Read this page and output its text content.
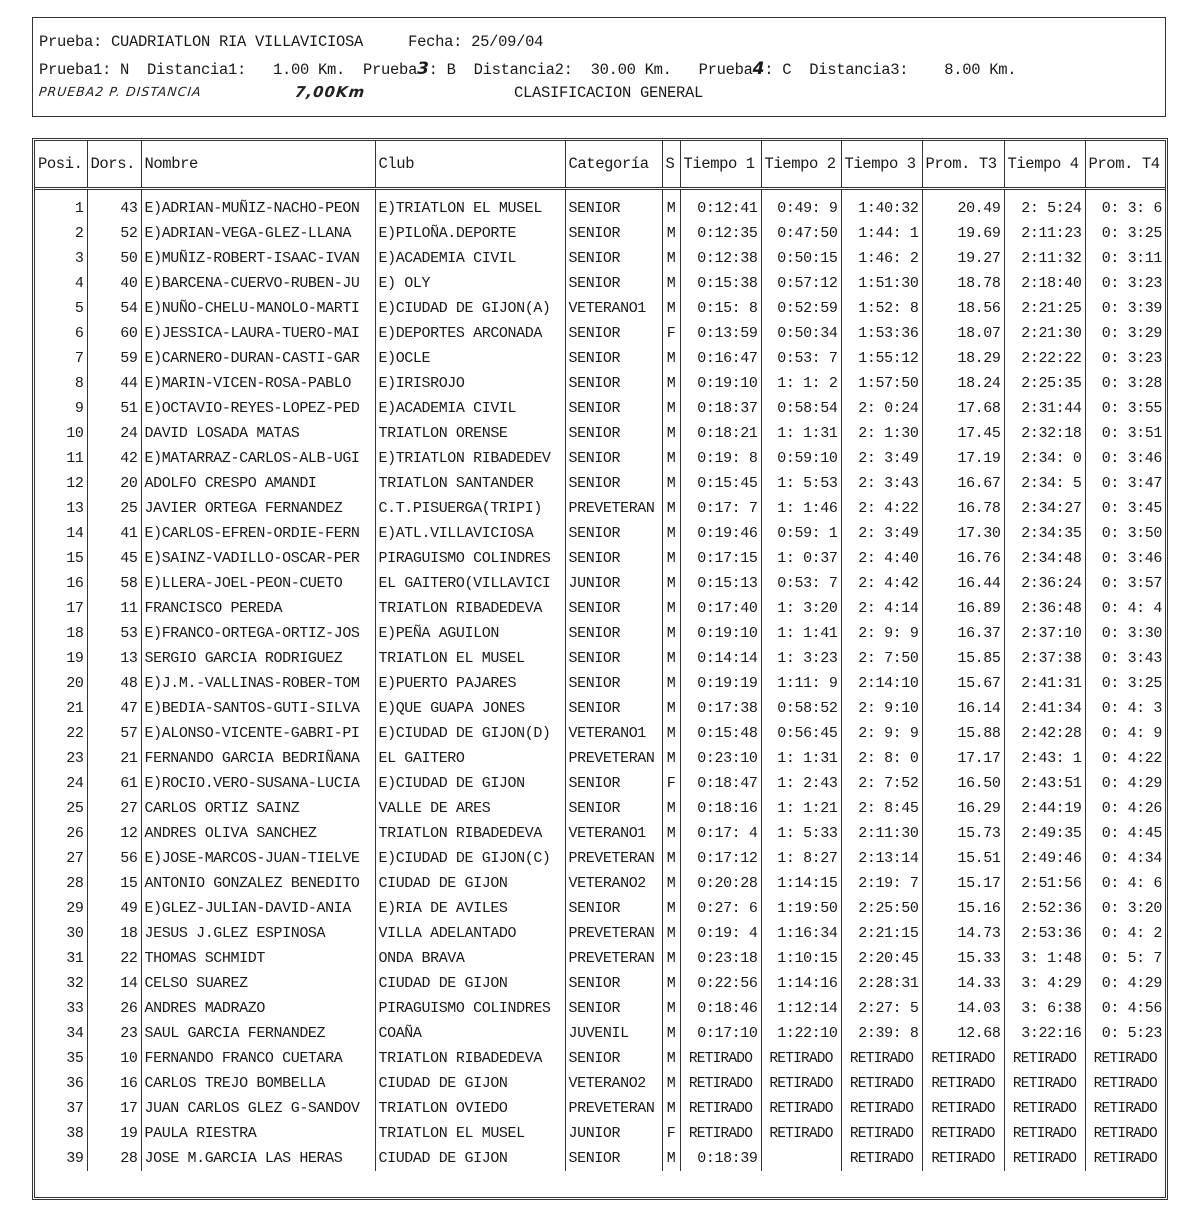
Prueba: CUADRIATLON RIA VILLAVICIOSA     Fecha: 25/09/04
Prueba1: N  Distancia1:   1.00 Km.  Prueba3: B  Distancia2:  30.00 Km.   Prueba4: C  Distancia3:    8.00 Km.
PRUEBA2 P. DISTANCIA	7,00Km	CLASIFICACION GENERAL
Posi.	Dors.	Nombre	Club	Categoría	S	Tiempo 1	Tiempo 2	Tiempo 3	Prom. T3	Tiempo 4	Prom. T4

1	43	E)ADRIAN-MUÑIZ-NACHO-PEON	E)TRIATLON EL MUSEL	SENIOR	M	0:12:41	0:49: 9	1:40:32	20.49	2: 5:24	0: 3: 6
2	52	E)ADRIAN-VEGA-GLEZ-LLANA	E)PILOÑA.DEPORTE	SENIOR	M	0:12:35	0:47:50	1:44: 1	19.69	2:11:23	0: 3:25
3	50	E)MUÑIZ-ROBERT-ISAAC-IVAN	E)ACADEMIA CIVIL	SENIOR	M	0:12:38	0:50:15	1:46: 2	19.27	2:11:32	0: 3:11
4	40	E)BARCENA-CUERVO-RUBEN-JU	E) OLY	SENIOR	M	0:15:38	0:57:12	1:51:30	18.78	2:18:40	0: 3:23
5	54	E)NUÑO-CHELU-MANOLO-MARTI	E)CIUDAD DE GIJON(A)	VETERANO1	M	0:15: 8	0:52:59	1:52: 8	18.56	2:21:25	0: 3:39
6	60	E)JESSICA-LAURA-TUERO-MAI	E)DEPORTES ARCONADA	SENIOR	F	0:13:59	0:50:34	1:53:36	18.07	2:21:30	0: 3:29
7	59	E)CARNERO-DURAN-CASTI-GAR	E)OCLE	SENIOR	M	0:16:47	0:53: 7	1:55:12	18.29	2:22:22	0: 3:23
8	44	E)MARIN-VICEN-ROSA-PABLO	E)IRISROJO	SENIOR	M	0:19:10	1: 1: 2	1:57:50	18.24	2:25:35	0: 3:28
9	51	E)OCTAVIO-REYES-LOPEZ-PED	E)ACADEMIA CIVIL	SENIOR	M	0:18:37	0:58:54	2: 0:24	17.68	2:31:44	0: 3:55
10	24	DAVID LOSADA MATAS	TRIATLON ORENSE	SENIOR	M	0:18:21	1: 1:31	2: 1:30	17.45	2:32:18	0: 3:51
11	42	E)MATARRAZ-CARLOS-ALB-UGI	E)TRIATLON RIBADEDEV	SENIOR	M	0:19: 8	0:59:10	2: 3:49	17.19	2:34: 0	0: 3:46
12	20	ADOLFO CRESPO AMANDI	TRIATLON SANTANDER	SENIOR	M	0:15:45	1: 5:53	2: 3:43	16.67	2:34: 5	0: 3:47
13	25	JAVIER ORTEGA FERNANDEZ	C.T.PISUERGA(TRIPI)	PREVETERAN	M	0:17: 7	1: 1:46	2: 4:22	16.78	2:34:27	0: 3:45
14	41	E)CARLOS-EFREN-ORDIE-FERN	E)ATL.VILLAVICIOSA	SENIOR	M	0:19:46	0:59: 1	2: 3:49	17.30	2:34:35	0: 3:50
15	45	E)SAINZ-VADILLO-OSCAR-PER	PIRAGUISMO COLINDRES	SENIOR	M	0:17:15	1: 0:37	2: 4:40	16.76	2:34:48	0: 3:46
16	58	E)LLERA-JOEL-PEON-CUETO	EL GAITERO(VILLAVICI	JUNIOR	M	0:15:13	0:53: 7	2: 4:42	16.44	2:36:24	0: 3:57
17	11	FRANCISCO PEREDA	TRIATLON RIBADEDEVA	SENIOR	M	0:17:40	1: 3:20	2: 4:14	16.89	2:36:48	0: 4: 4
18	53	E)FRANCO-ORTEGA-ORTIZ-JOS	E)PEÑA AGUILON	SENIOR	M	0:19:10	1: 1:41	2: 9: 9	16.37	2:37:10	0: 3:30
19	13	SERGIO GARCIA RODRIGUEZ	TRIATLON EL MUSEL	SENIOR	M	0:14:14	1: 3:23	2: 7:50	15.85	2:37:38	0: 3:43
20	48	E)J.M.-VALLINAS-ROBER-TOM	E)PUERTO PAJARES	SENIOR	M	0:19:19	1:11: 9	2:14:10	15.67	2:41:31	0: 3:25
21	47	E)BEDIA-SANTOS-GUTI-SILVA	E)QUE GUAPA JONES	SENIOR	M	0:17:38	0:58:52	2: 9:10	16.14	2:41:34	0: 4: 3
22	57	E)ALONSO-VICENTE-GABRI-PI	E)CIUDAD DE GIJON(D)	VETERANO1	M	0:15:48	0:56:45	2: 9: 9	15.88	2:42:28	0: 4: 9
23	21	FERNANDO GARCIA BEDRIÑANA	EL GAITERO	PREVETERAN	M	0:23:10	1: 1:31	2: 8: 0	17.17	2:43: 1	0: 4:22
24	61	E)ROCIO.VERO-SUSANA-LUCIA	E)CIUDAD DE GIJON	SENIOR	F	0:18:47	1: 2:43	2: 7:52	16.50	2:43:51	0: 4:29
25	27	CARLOS ORTIZ SAINZ	VALLE DE ARES	SENIOR	M	0:18:16	1: 1:21	2: 8:45	16.29	2:44:19	0: 4:26
26	12	ANDRES OLIVA SANCHEZ	TRIATLON RIBADEDEVA	VETERANO1	M	0:17: 4	1: 5:33	2:11:30	15.73	2:49:35	0: 4:45
27	56	E)JOSE-MARCOS-JUAN-TIELVE	E)CIUDAD DE GIJON(C)	PREVETERAN	M	0:17:12	1: 8:27	2:13:14	15.51	2:49:46	0: 4:34
28	15	ANTONIO GONZALEZ BENEDITO	CIUDAD DE GIJON	VETERANO2	M	0:20:28	1:14:15	2:19: 7	15.17	2:51:56	0: 4: 6
29	49	E)GLEZ-JULIAN-DAVID-ANIA	E)RIA DE AVILES	SENIOR	M	0:27: 6	1:19:50	2:25:50	15.16	2:52:36	0: 3:20
30	18	JESUS J.GLEZ ESPINOSA	VILLA ADELANTADO	PREVETERAN	M	0:19: 4	1:16:34	2:21:15	14.73	2:53:36	0: 4: 2
31	22	THOMAS SCHMIDT	ONDA BRAVA	PREVETERAN	M	0:23:18	1:10:15	2:20:45	15.33	3: 1:48	0: 5: 7
32	14	CELSO SUAREZ	CIUDAD DE GIJON	SENIOR	M	0:22:56	1:14:16	2:28:31	14.33	3: 4:29	0: 4:29
33	26	ANDRES MADRAZO	PIRAGUISMO COLINDRES	SENIOR	M	0:18:46	1:12:14	2:27: 5	14.03	3: 6:38	0: 4:56
34	23	SAUL GARCIA FERNANDEZ	COAÑA	JUVENIL	M	0:17:10	1:22:10	2:39: 8	12.68	3:22:16	0: 5:23
35	10	FERNANDO FRANCO CUETARA	TRIATLON RIBADEDEVA	SENIOR	M	RETIRADO	RETIRADO	RETIRADO	RETIRADO	RETIRADO	RETIRADO
36	16	CARLOS TREJO BOMBELLA	CIUDAD DE GIJON	VETERANO2	M	RETIRADO	RETIRADO	RETIRADO	RETIRADO	RETIRADO	RETIRADO
37	17	JUAN CARLOS GLEZ G-SANDOV	TRIATLON OVIEDO	PREVETERAN	M	RETIRADO	RETIRADO	RETIRADO	RETIRADO	RETIRADO	RETIRADO
38	19	PAULA RIESTRA	TRIATLON EL MUSEL	JUNIOR	F	RETIRADO	RETIRADO	RETIRADO	RETIRADO	RETIRADO	RETIRADO
39	28	JOSE M.GARCIA LAS HERAS	CIUDAD DE GIJON	SENIOR	M	0:18:39		RETIRADO	RETIRADO	RETIRADO	RETIRADO
